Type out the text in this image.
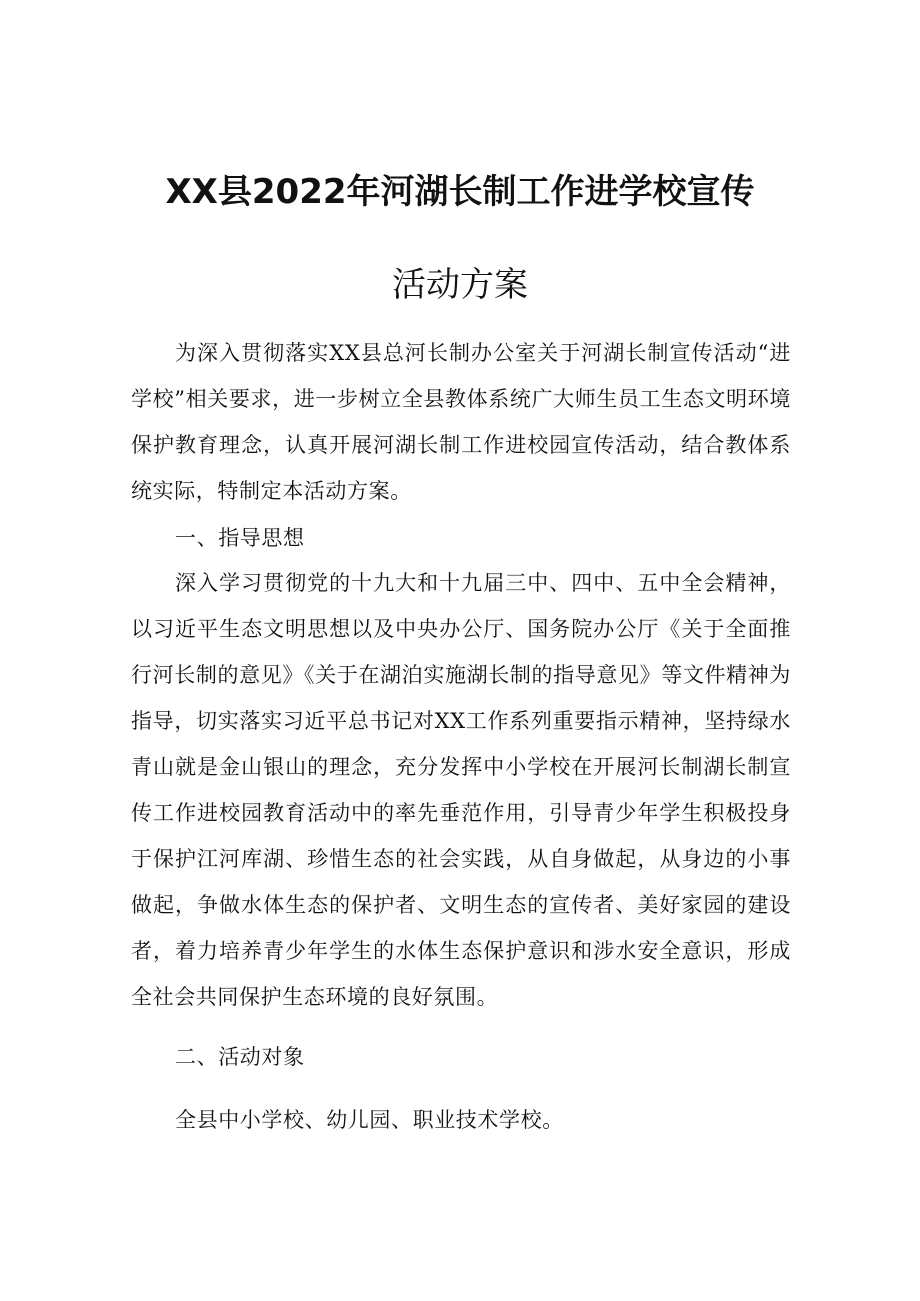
XX县2022年河湖长制工作进学校宣传
活动方案

为深入贯彻落实XX县总河长制办公室关于河湖长制宣传活动“进学校”相关要求，进一步树立全县教体系统广大师生员工生态文明环境保护教育理念，认真开展河湖长制工作进校园宣传活动，结合教体系统实际，特制定本活动方案。

一、指导思想

深入学习贯彻党的十九大和十九届三中、四中、五中全会精神，以习近平生态文明思想以及中央办公厅、国务院办公厅《关于全面推行河长制的意见》《关于在湖泊实施湖长制的指导意见》等文件精神为指导，切实落实习近平总书记对XX工作系列重要指示精神，坚持绿水青山就是金山银山的理念，充分发挥中小学校在开展河长制湖长制宣传工作进校园教育活动中的率先垂范作用，引导青少年学生积极投身于保护江河库湖、珍惜生态的社会实践，从自身做起，从身边的小事做起，争做水体生态的保护者、文明生态的宣传者、美好家园的建设者，着力培养青少年学生的水体生态保护意识和涉水安全意识，形成全社会共同保护生态环境的良好氛围。

二、活动对象

全县中小学校、幼儿园、职业技术学校。
